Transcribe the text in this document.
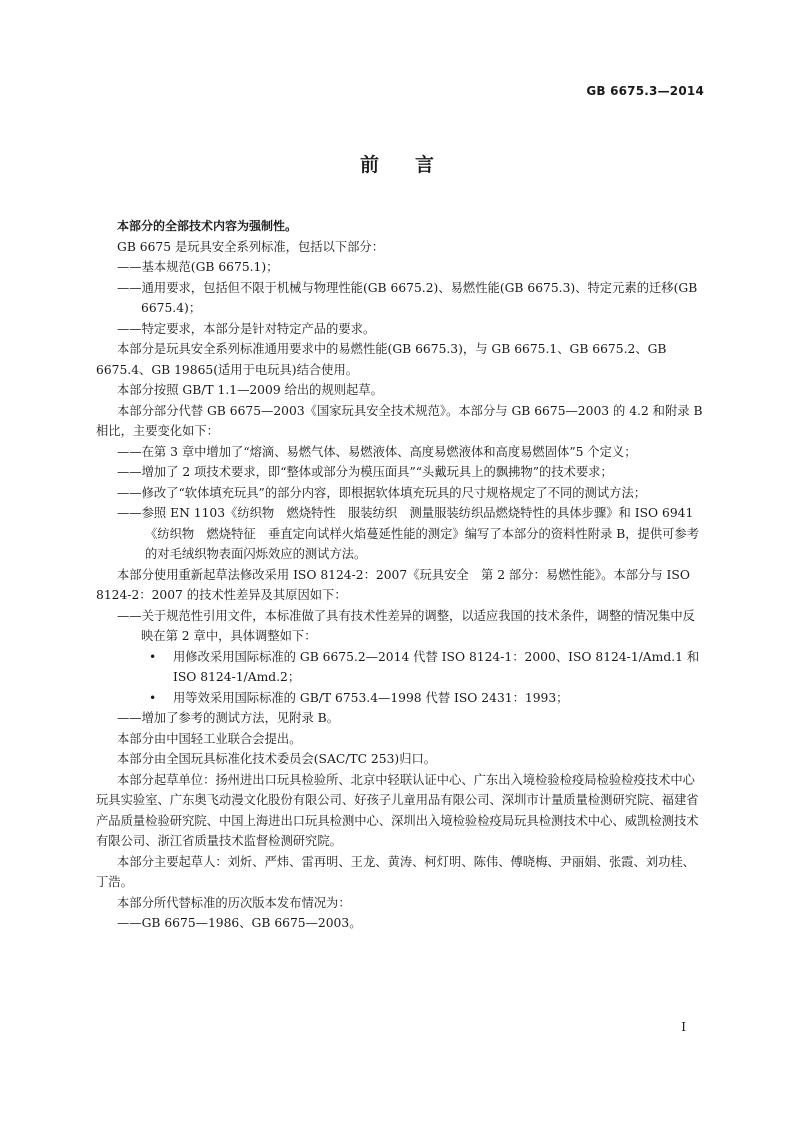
GB 6675.3—2014
前 言

本部分的全部技术内容为强制性。

GB 6675 是玩具安全系列标准，包括以下部分：

——基本规范(GB 6675.1)；

——通用要求，包括但不限于机械与物理性能(GB 6675.2)、易燃性能(GB 6675.3)、特定元素的迁移(GB 6675.4)；

——特定要求，本部分是针对特定产品的要求。

本部分是玩具安全系列标准通用要求中的易燃性能(GB 6675.3)，与 GB 6675.1、GB 6675.2、GB 6675.4、GB 19865(适用于电玩具)结合使用。

本部分按照 GB/T 1.1—2009 给出的规则起草。

本部分部分代替 GB 6675—2003《国家玩具安全技术规范》。本部分与 GB 6675—2003 的 4.2 和附录 B 相比，主要变化如下：

——在第 3 章中增加了“熔滴、易燃气体、易燃液体、高度易燃液体和高度易燃固体”5 个定义；

——增加了 2 项技术要求，即“整体或部分为模压面具”“头戴玩具上的飘拂物”的技术要求；

——修改了“软体填充玩具”的部分内容，即根据软体填充玩具的尺寸规格规定了不同的测试方法；

——参照 EN 1103《纺织物　燃烧特性　服装纺织　测量服装纺织品燃烧特性的具体步骤》和 ISO 6941《纺织物　燃烧特征　垂直定向试样火焰蔓延性能的测定》编写了本部分的资料性附录 B，提供可参考的对毛绒织物表面闪烁效应的测试方法。

本部分使用重新起草法修改采用 ISO 8124-2：2007《玩具安全　第 2 部分：易燃性能》。本部分与 ISO 8124-2：2007 的技术性差异及其原因如下：

——关于规范性引用文件，本标准做了具有技术性差异的调整，以适应我国的技术条件，调整的情况集中反映在第 2 章中，具体调整如下：

• 用修改采用国际标准的 GB 6675.2—2014 代替 ISO 8124-1：2000、ISO 8124-1/Amd.1 和 ISO 8124-1/Amd.2；

• 用等效采用国际标准的 GB/T 6753.4—1998 代替 ISO 2431：1993；

——增加了参考的测试方法，见附录 B。

本部分由中国轻工业联合会提出。

本部分由全国玩具标准化技术委员会(SAC/TC 253)归口。

本部分起草单位：扬州进出口玩具检验所、北京中轻联认证中心、广东出入境检验检疫局检验检疫技术中心玩具实验室、广东奥飞动漫文化股份有限公司、好孩子儿童用品有限公司、深圳市计量质量检测研究院、福建省产品质量检验研究院、中国上海进出口玩具检测中心、深圳出入境检验检疫局玩具检测技术中心、威凯检测技术有限公司、浙江省质量技术监督检测研究院。

本部分主要起草人：刘炘、严炜、雷再明、王龙、黄涛、柯灯明、陈伟、傅晓梅、尹丽娟、张霞、刘功桂、丁浩。

本部分所代替标准的历次版本发布情况为：

——GB 6675—1986、GB 6675—2003。

I
